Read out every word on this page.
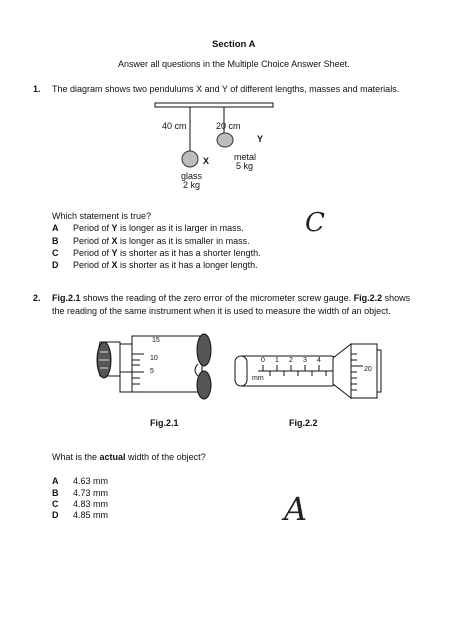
Section A
Answer all questions in the Multiple Choice Answer Sheet.
1. The diagram shows two pendulums X and Y of different lengths, masses and materials.
40 cm	20 cm
Y
X	metal
5 kg
glass
2 kg
Which statement is true?
A Period of Y is longer as it is larger in mass.
B Period of X is longer as it is smaller in mass.
C Period of Y is shorter as it has a shorter length.
D Period of X is shorter as it has a longer length.
C
2. Fig.2.1 shows the reading of the zero error of the micrometer screw gauge. Fig.2.2 shows
the reading of the same instrument when it is used to measure the width of an object.
15
10
5
Fig.2.1
0 1 2 3 4
mm
20
Fig.2.2
What is the actual width of the object?
A 4.63 mm
B 4.73 mm
C 4.83 mm
D 4.85 mm	A
